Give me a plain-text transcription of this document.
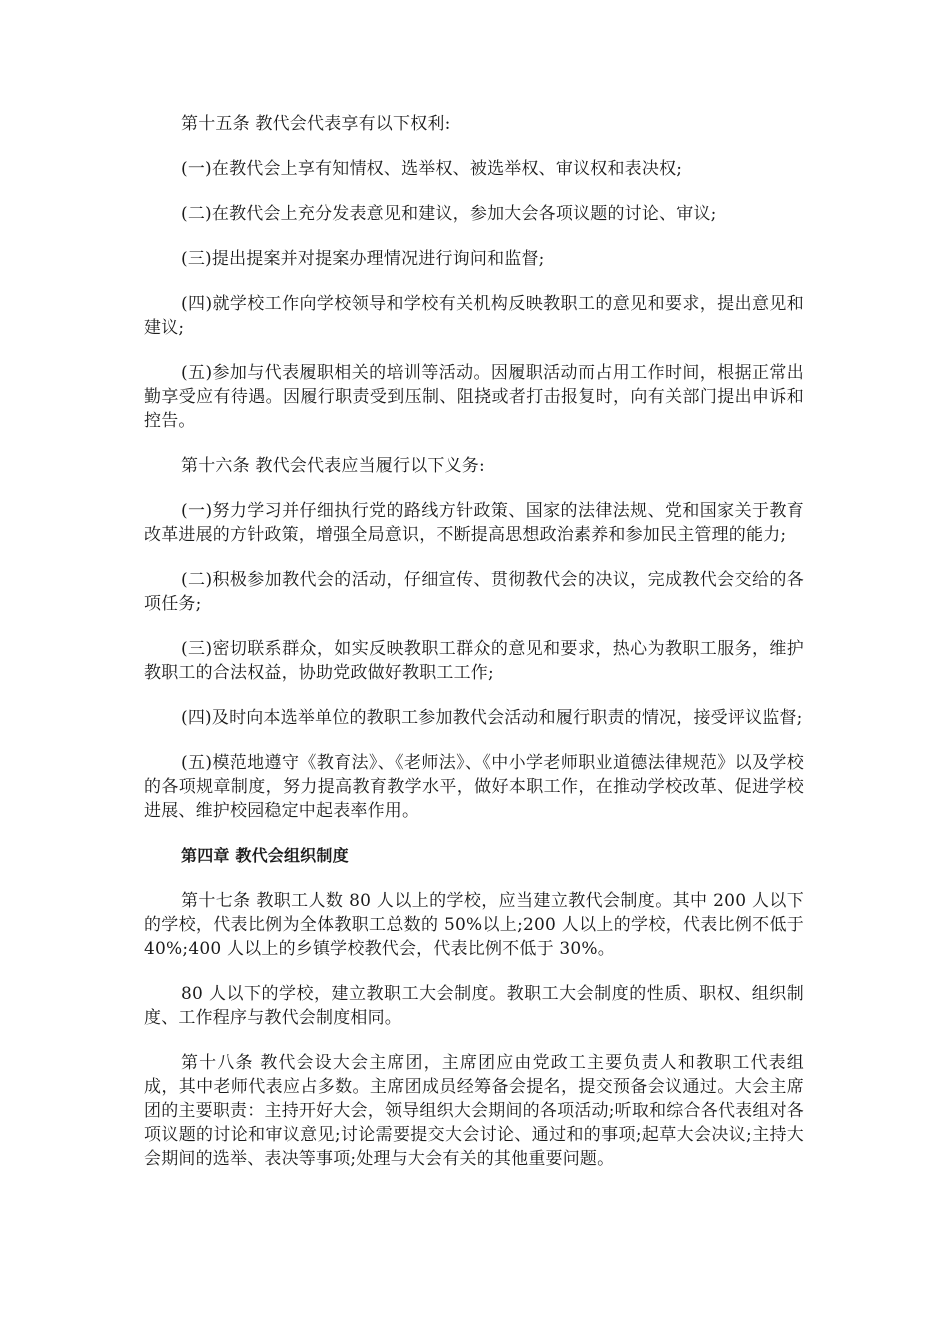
第十五条 教代会代表享有以下权利:

(一)在教代会上享有知情权、选举权、被选举权、审议权和表决权;

(二)在教代会上充分发表意见和建议，参加大会各项议题的讨论、审议;

(三)提出提案并对提案办理情况进行询问和监督;

(四)就学校工作向学校领导和学校有关机构反映教职工的意见和要求，提出意见和建议;

(五)参加与代表履职相关的培训等活动。因履职活动而占用工作时间，根据正常出勤享受应有待遇。因履行职责受到压制、阻挠或者打击报复时，向有关部门提出申诉和控告。

第十六条 教代会代表应当履行以下义务:

(一)努力学习并仔细执行党的路线方针政策、国家的法律法规、党和国家关于教育改革进展的方针政策，增强全局意识，不断提高思想政治素养和参加民主管理的能力;

(二)积极参加教代会的活动，仔细宣传、贯彻教代会的决议，完成教代会交给的各项任务;

(三)密切联系群众，如实反映教职工群众的意见和要求，热心为教职工服务，维护教职工的合法权益，协助党政做好教职工工作;

(四)及时向本选举单位的教职工参加教代会活动和履行职责的情况，接受评议监督;

(五)模范地遵守《教育法》、《老师法》、《中小学老师职业道德法律规范》以及学校的各项规章制度，努力提高教育教学水平，做好本职工作，在推动学校改革、促进学校进展、维护校园稳定中起表率作用。

第四章 教代会组织制度

第十七条 教职工人数 80 人以上的学校，应当建立教代会制度。其中 200 人以下的学校，代表比例为全体教职工总数的 50%以上;200 人以上的学校，代表比例不低于 40%;400 人以上的乡镇学校教代会，代表比例不低于 30%。

80 人以下的学校，建立教职工大会制度。教职工大会制度的性质、职权、组织制度、工作程序与教代会制度相同。

第十八条 教代会设大会主席团，主席团应由党政工主要负责人和教职工代表组成，其中老师代表应占多数。主席团成员经筹备会提名，提交预备会议通过。大会主席团的主要职责：主持开好大会，领导组织大会期间的各项活动;听取和综合各代表组对各项议题的讨论和审议意见;讨论需要提交大会讨论、通过和的事项;起草大会决议;主持大会期间的选举、表决等事项;处理与大会有关的其他重要问题。
